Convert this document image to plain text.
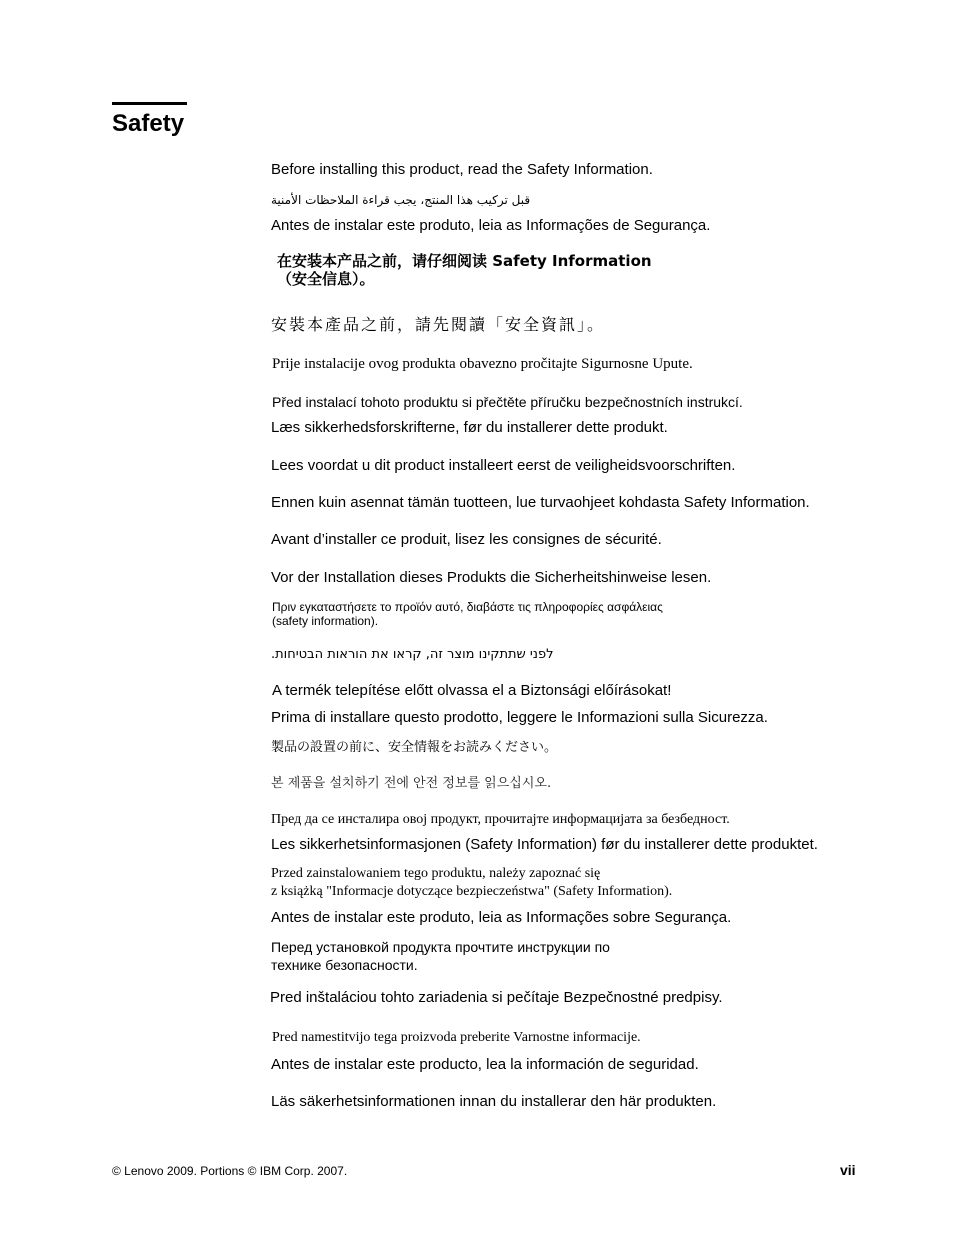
Safety
Before installing this product, read the Safety Information.
قبل تركيب هذا المنتج، يجب قراءة الملاحظات الأمنية
Antes de instalar este produto, leia as Informações de Segurança.
在安装本产品之前，请仔细阅读 Safety Information
（安全信息）。
安裝本產品之前，請先閱讀「安全資訊」。
Prije instalacije ovog produkta obavezno pročitajte Sigurnosne Upute.
Před instalací tohoto produktu si přečtěte příručku bezpečnostních instrukcí.
Læs sikkerhedsforskrifterne, før du installerer dette produkt.
Lees voordat u dit product installeert eerst de veiligheidsvoorschriften.
Ennen kuin asennat tämän tuotteen, lue turvaohjeet kohdasta Safety Information.
Avant d’installer ce produit, lisez les consignes de sécurité.
Vor der Installation dieses Produkts die Sicherheitshinweise lesen.
Πριν εγκαταστήσετε το προϊόν αυτό, διαβάστε τις πληροφορίες ασφάλειας
(safety information).
לפני שתתקינו מוצר זה, קראו את הוראות הבטיחות.
A termék telepítése előtt olvassa el a Biztonsági előírásokat!
Prima di installare questo prodotto, leggere le Informazioni sulla Sicurezza.
製品の設置の前に、安全情報をお読みください。
본 제품을 설치하기 전에 안전 정보를 읽으십시오.
Пред да се инсталира овој продукт, прочитајте информацијата за безбедност.
Les sikkerhetsinformasjonen (Safety Information) før du installerer dette produktet.
Przed zainstalowaniem tego produktu, należy zapoznać się
z książką "Informacje dotyczące bezpieczeństwa" (Safety Information).
Antes de instalar este produto, leia as Informações sobre Segurança.
Перед установкой продукта прочтите инструкции по
технике безопасности.
Pred inštaláciou tohto zariadenia si pečítaje Bezpečnostné predpisy.
Pred namestitvijo tega proizvoda preberite Varnostne informacije.
Antes de instalar este producto, lea la información de seguridad.
Läs säkerhetsinformationen innan du installerar den här produkten.
© Lenovo 2009. Portions © IBM Corp. 2007.	vii
